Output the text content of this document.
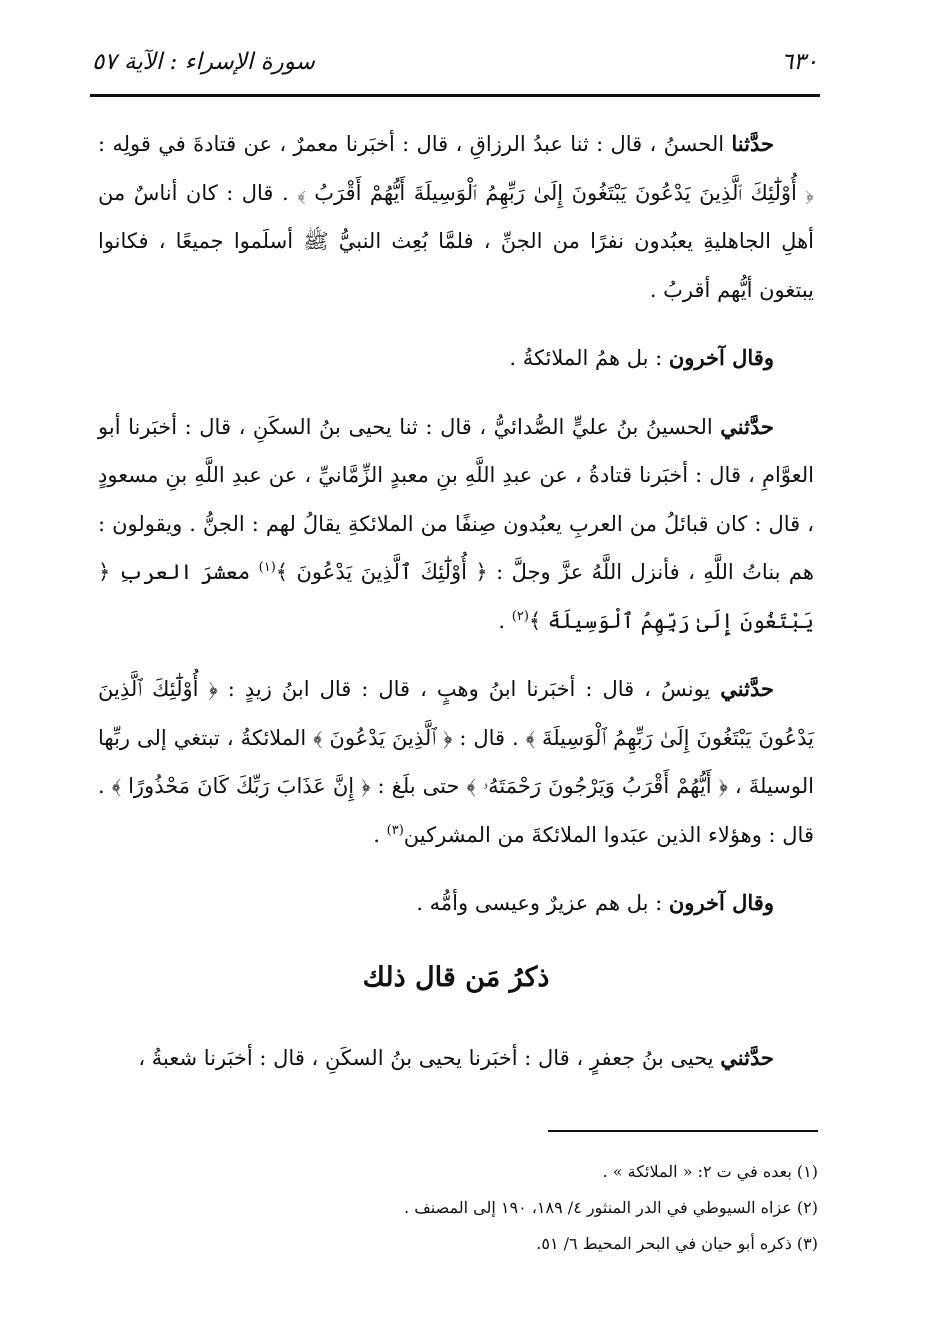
٦٣٠
سورة الإسراء : الآية ٥٧

حدَّثنا الحسنُ ، قال : ثنا عبدُ الرزاقِ ، قال : أخبَرنا معمرٌ ، عن قتادةَ في قولِه : ﴿ أُوْلَٰٓئِكَ ٱلَّذِينَ يَدْعُونَ يَبْتَغُونَ إِلَىٰ رَبِّهِمُ ٱلْوَسِيلَةَ أَيُّهُمْ أَقْرَبُ ﴾ . قال : كان أناسٌ من أهلِ الجاهليةِ يعبُدون نفرًا من الجنِّ ، فلمَّا بُعِث النبيُّ ﷺ أسلَموا جميعًا ، فكانوا يبتغون أيُّهم أقربُ .

وقال آخرون : بل همُ الملائكةُ .

حدَّثني الحسينُ بنُ عليٍّ الصُّدائيُّ ، قال : ثنا يحيى بنُ السكَنِ ، قال : أخبَرنا أبو العوَّامِ ، قال : أخبَرنا قتادةُ ، عن عبدِ اللَّهِ بنِ معبدٍ الزِّمَّانيِّ ، عن عبدِ اللَّهِ بنِ مسعودٍ ، قال : كان قبائلُ من العربِ يعبُدون صِنفًا من الملائكةِ يقالُ لهم : الجنُّ . ويقولون : هم بناتُ اللَّهِ ، فأنزل اللَّهُ عزَّ وجلَّ : ﴿ أُوْلَٰٓئِكَ ٱلَّذِينَ يَدْعُونَ ﴾$^{(١)}$ معشرَ العربِ ﴿ يَبْتَغُونَ إِلَىٰ رَبِّهِمُ ٱلْوَسِيلَةَ ﴾$^{(٢)}$ .

حدَّثني يونسُ ، قال : أخبَرنا ابنُ وهبٍ ، قال : قال ابنُ زيدٍ : ﴿ أُوْلَٰٓئِكَ ٱلَّذِينَ يَدْعُونَ يَبْتَغُونَ إِلَىٰ رَبِّهِمُ ٱلْوَسِيلَةَ ﴾ . قال : ﴿ ٱلَّذِينَ يَدْعُونَ ﴾ الملائكةُ ، تبتغي إلى ربِّها الوسيلةَ ، ﴿ أَيُّهُمْ أَقْرَبُ وَيَرْجُونَ رَحْمَتَهُۥ ﴾ حتى بلَغ : ﴿ إِنَّ عَذَابَ رَبِّكَ كَانَ مَحْذُورًا ﴾ . قال : وهؤلاء الذين عبَدوا الملائكةَ من المشركين$^{(٣)}$ .

وقال آخرون : بل هم عزيرٌ وعيسى وأمُّه .

ذكرُ مَن قال ذلك

حدَّثني يحيى بنُ جعفرٍ ، قال : أخبَرنا يحيى بنُ السكَنِ ، قال : أخبَرنا شعبةُ ،

(١) بعده في ت ٢: « الملائكة » .

(٢) عزاه السيوطي في الدر المنثور ٤/ ١٨٩، ١٩٠ إلى المصنف .

(٣) ذكره أبو حيان في البحر المحيط ٦/ ٥١.
